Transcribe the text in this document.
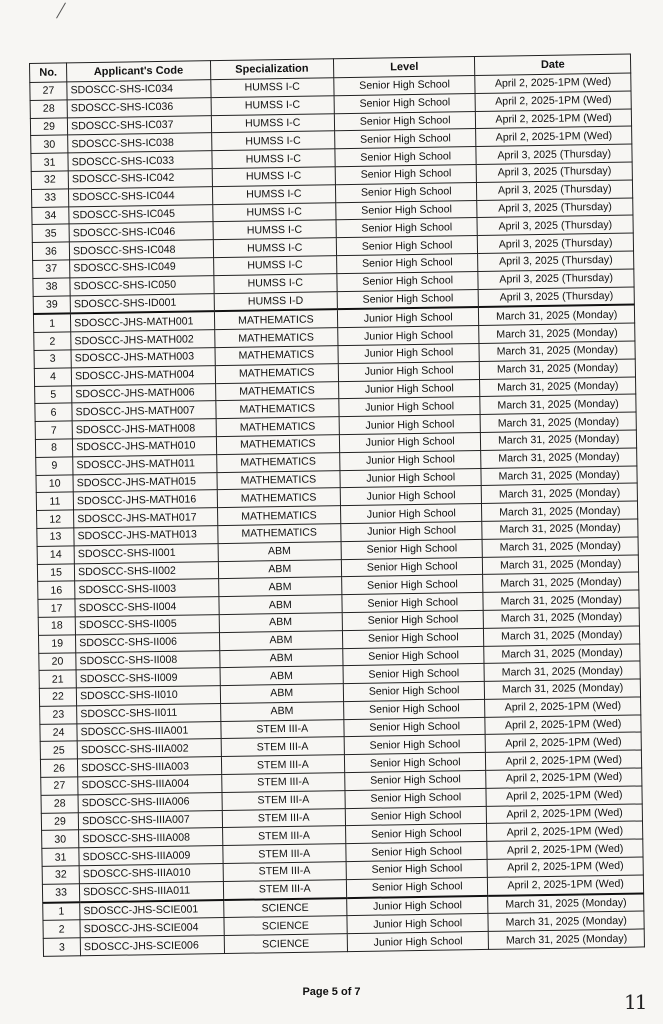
No.	Applicant's Code	Specialization	Level	Date
27	SDOSCC-SHS-IC034	HUMSS I-C	Senior High School	April 2, 2025-1PM (Wed)
28	SDOSCC-SHS-IC036	HUMSS I-C	Senior High School	April 2, 2025-1PM (Wed)
29	SDOSCC-SHS-IC037	HUMSS I-C	Senior High School	April 2, 2025-1PM (Wed)
30	SDOSCC-SHS-IC038	HUMSS I-C	Senior High School	April 2, 2025-1PM (Wed)
31	SDOSCC-SHS-IC033	HUMSS I-C	Senior High School	April 3, 2025 (Thursday)
32	SDOSCC-SHS-IC042	HUMSS I-C	Senior High School	April 3, 2025 (Thursday)
33	SDOSCC-SHS-IC044	HUMSS I-C	Senior High School	April 3, 2025 (Thursday)
34	SDOSCC-SHS-IC045	HUMSS I-C	Senior High School	April 3, 2025 (Thursday)
35	SDOSCC-SHS-IC046	HUMSS I-C	Senior High School	April 3, 2025 (Thursday)
36	SDOSCC-SHS-IC048	HUMSS I-C	Senior High School	April 3, 2025 (Thursday)
37	SDOSCC-SHS-IC049	HUMSS I-C	Senior High School	April 3, 2025 (Thursday)
38	SDOSCC-SHS-IC050	HUMSS I-C	Senior High School	April 3, 2025 (Thursday)
39	SDOSCC-SHS-ID001	HUMSS I-D	Senior High School	April 3, 2025 (Thursday)
1	SDOSCC-JHS-MATH001	MATHEMATICS	Junior High School	March 31, 2025 (Monday)
2	SDOSCC-JHS-MATH002	MATHEMATICS	Junior High School	March 31, 2025 (Monday)
3	SDOSCC-JHS-MATH003	MATHEMATICS	Junior High School	March 31, 2025 (Monday)
4	SDOSCC-JHS-MATH004	MATHEMATICS	Junior High School	March 31, 2025 (Monday)
5	SDOSCC-JHS-MATH006	MATHEMATICS	Junior High School	March 31, 2025 (Monday)
6	SDOSCC-JHS-MATH007	MATHEMATICS	Junior High School	March 31, 2025 (Monday)
7	SDOSCC-JHS-MATH008	MATHEMATICS	Junior High School	March 31, 2025 (Monday)
8	SDOSCC-JHS-MATH010	MATHEMATICS	Junior High School	March 31, 2025 (Monday)
9	SDOSCC-JHS-MATH011	MATHEMATICS	Junior High School	March 31, 2025 (Monday)
10	SDOSCC-JHS-MATH015	MATHEMATICS	Junior High School	March 31, 2025 (Monday)
11	SDOSCC-JHS-MATH016	MATHEMATICS	Junior High School	March 31, 2025 (Monday)
12	SDOSCC-JHS-MATH017	MATHEMATICS	Junior High School	March 31, 2025 (Monday)
13	SDOSCC-JHS-MATH013	MATHEMATICS	Junior High School	March 31, 2025 (Monday)
14	SDOSCC-SHS-II001	ABM	Senior High School	March 31, 2025 (Monday)
15	SDOSCC-SHS-II002	ABM	Senior High School	March 31, 2025 (Monday)
16	SDOSCC-SHS-II003	ABM	Senior High School	March 31, 2025 (Monday)
17	SDOSCC-SHS-II004	ABM	Senior High School	March 31, 2025 (Monday)
18	SDOSCC-SHS-II005	ABM	Senior High School	March 31, 2025 (Monday)
19	SDOSCC-SHS-II006	ABM	Senior High School	March 31, 2025 (Monday)
20	SDOSCC-SHS-II008	ABM	Senior High School	March 31, 2025 (Monday)
21	SDOSCC-SHS-II009	ABM	Senior High School	March 31, 2025 (Monday)
22	SDOSCC-SHS-II010	ABM	Senior High School	March 31, 2025 (Monday)
23	SDOSCC-SHS-II011	ABM	Senior High School	April 2, 2025-1PM (Wed)
24	SDOSCC-SHS-IIIA001	STEM III-A	Senior High School	April 2, 2025-1PM (Wed)
25	SDOSCC-SHS-IIIA002	STEM III-A	Senior High School	April 2, 2025-1PM (Wed)
26	SDOSCC-SHS-IIIA003	STEM III-A	Senior High School	April 2, 2025-1PM (Wed)
27	SDOSCC-SHS-IIIA004	STEM III-A	Senior High School	April 2, 2025-1PM (Wed)
28	SDOSCC-SHS-IIIA006	STEM III-A	Senior High School	April 2, 2025-1PM (Wed)
29	SDOSCC-SHS-IIIA007	STEM III-A	Senior High School	April 2, 2025-1PM (Wed)
30	SDOSCC-SHS-IIIA008	STEM III-A	Senior High School	April 2, 2025-1PM (Wed)
31	SDOSCC-SHS-IIIA009	STEM III-A	Senior High School	April 2, 2025-1PM (Wed)
32	SDOSCC-SHS-IIIA010	STEM III-A	Senior High School	April 2, 2025-1PM (Wed)
33	SDOSCC-SHS-IIIA011	STEM III-A	Senior High School	April 2, 2025-1PM (Wed)
1	SDOSCC-JHS-SCIE001	SCIENCE	Junior High School	March 31, 2025 (Monday)
2	SDOSCC-JHS-SCIE004	SCIENCE	Junior High School	March 31, 2025 (Monday)
3	SDOSCC-JHS-SCIE006	SCIENCE	Junior High School	March 31, 2025 (Monday)
Page 5 of 7	11
